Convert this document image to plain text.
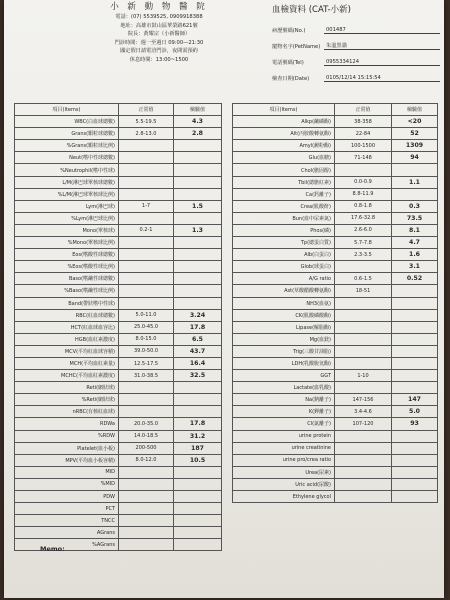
小 新 動 物 醫 院
電話：(07) 5539525, 0909918388
地址：高雄市鼓山區華榮路621號
院長：黃耀宗（小新醫師）
門診時間：週一至週日 09:00—21:30
國定假日請電洽門診，夜間需預約
休息時間：13:00~1500
血檢資料 (CAT-小新)
病歷號碼(No.)	001487
寵物名字(PetName)	朱溫黑貓
電話號碼(Tel)	0955334124
檢查日期(Date)	0105/12/14 15:15:54
項目(Items)	正常值	檢驗值
WBC(白血球總數)	5.5-19.5	4.3
Grans(顆粒球總數)	2.8-13.0	2.8
%Grans(顆粒球比例)		
Neut(嗜中性球總數)		
%Neutrophil(嗜中性球)		
L/M(淋巴球單核球總數)		
%L/M(淋巴球單核球比例)		
Lym(淋巴球)	1-7	1.5
%Lym(淋巴球比例)		
Mono(單核球)	0.2-1	1.3
%Mono(單核球比例)		
Eos(嗜酸性球總數)		
%Eos(嗜酸性球比例)		
Baso(嗜鹼性球總數)		
%Baso(嗜鹼性球比例)		
Band(帶狀嗜中性球)		
RBC(紅血球總數)	5.0-11.0	3.24
HCT(紅血球血容比)	25.0-45.0	17.8
HGB(血紅素濃度)	8.0-15.0	6.5
MCV(平均紅血球容積)	39.0-50.0	43.7
MCH(平均血紅素量)	12.5-17.5	16.4
MCHC(平均血紅素濃度)	31.0-38.5	32.5
Reti(網狀球)		
%Reti(網狀球)		
nRBC(有核紅血球)		
RDWa	20.0-35.0	17.8
%RDW	14.0-18.5	31.2
Platelet(血小板)	200-500	187
MPV(平均血小板容積)	8.0-12.0	10.5
MID		
%MID		
PDW		
PCT		
TNCC		
AGrans		
%AGrans		
項目(Items)	正常值	檢驗值
Alkp(鹼磷酶)	38-358	<20
Alt(丙胺酸轉氨酶)	22-84	52
Amyl(澱粉酶)	100-1500	1309
Glu(血糖)	71-148	94
Chol(膽固醇)		
Tbil(總膽紅素)	0.0-0.9	1.1
Ca(鈣離子)	8.8-11.9	
Crea(肌酸酐)	0.8-1.8	0.3
Bun(血中尿素氮)	17.6-32.8	73.5
Phos(磷)	2.6-6.0	8.1
Tp(總蛋白質)	5.7-7.8	4.7
Alb(白蛋白)	2.3-3.5	1.6
Glob(球蛋白)		3.1
A/G ratio	0.6-1.5	0.52
Ast(草酸醋酸轉氨酶)	18-51	
NH3(血氨)		
CK(肌酸磷酸酶)		
Lipase(解脂酶)		
Mg(血鎂)		
Trig(三酸甘油脂)		
LDH(乳酸脫氫酶)		
GGT	1-10	
Lactate(血乳酸)		
Na(鈉離子)	147-156	147
K(鉀離子)	3.4-4.6	5.0
Cl(氯離子)	107-120	93
urine protein		
urine creatinine		
urine pro/crea ratio		
Urea(尿素)		
Uric acid(尿酸)		
Ethylene glycol		
Memo:
